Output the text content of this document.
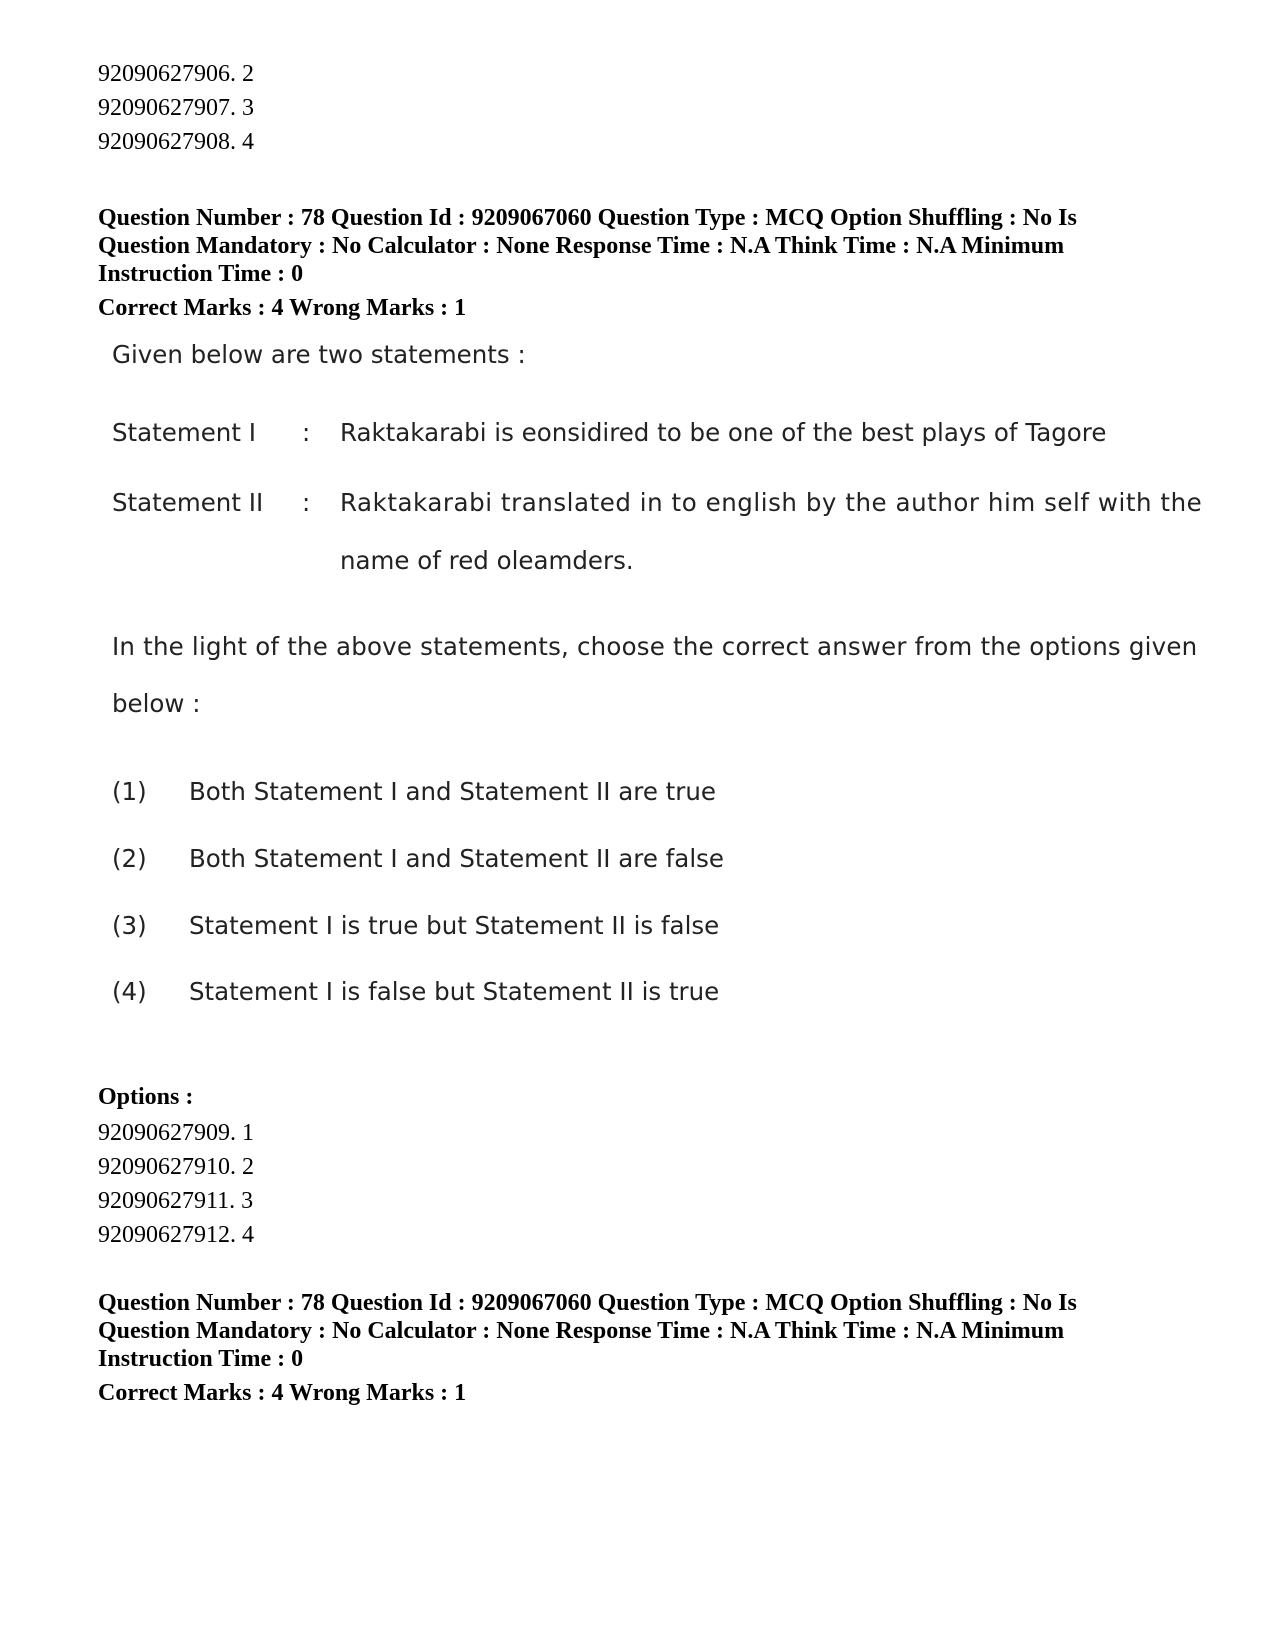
92090627906. 2
92090627907. 3
92090627908. 4
Question Number : 78 Question Id : 9209067060 Question Type : MCQ Option Shuffling : No Is
Question Mandatory : No Calculator : None Response Time : N.A Think Time : N.A Minimum
Instruction Time : 0
Correct Marks : 4 Wrong Marks : 1
Given below are two statements :
Statement I : Raktakarabi is eonsidired to be one of the best plays of Tagore
Statement II : Raktakarabi translated in to english by the author him self with the
name of red oleamders.
In the light of the above statements, choose the correct answer from the options given
below :
(1) Both Statement I and Statement II are true
(2) Both Statement I and Statement II are false
(3) Statement I is true but Statement II is false
(4) Statement I is false but Statement II is true
Options :
92090627909. 1
92090627910. 2
92090627911. 3
92090627912. 4
Question Number : 78 Question Id : 9209067060 Question Type : MCQ Option Shuffling : No Is
Question Mandatory : No Calculator : None Response Time : N.A Think Time : N.A Minimum
Instruction Time : 0
Correct Marks : 4 Wrong Marks : 1
